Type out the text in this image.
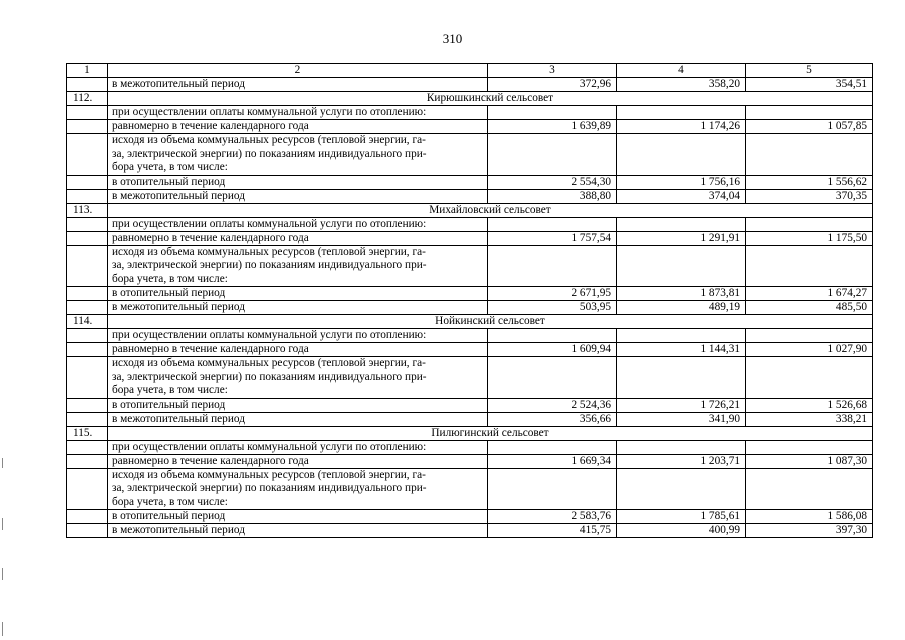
310
1	2	3	4	5
	в межотопительный период	372,96	358,20	354,51
112.	Кирюшкинский сельсовет			
	при осуществлении оплаты коммунальной услуги по отоплению:			
	равномерно в течение календарного года	1 639,89	1 174,26	1 057,85
	исходя из объема коммунальных ресурсов (тепловой энергии, га-
за, электрической энергии) по показаниям индивидуального при-
бора учета, в том числе:			
	в отопительный период	2 554,30	1 756,16	1 556,62
	в межотопительный период	388,80	374,04	370,35
113.	Михайловский сельсовет			
	при осуществлении оплаты коммунальной услуги по отоплению:			
	равномерно в течение календарного года	1 757,54	1 291,91	1 175,50
	исходя из объема коммунальных ресурсов (тепловой энергии, га-
за, электрической энергии) по показаниям индивидуального при-
бора учета, в том числе:			
	в отопительный период	2 671,95	1 873,81	1 674,27
	в межотопительный период	503,95	489,19	485,50
114.	Нойкинский сельсовет			
	при осуществлении оплаты коммунальной услуги по отоплению:			
	равномерно в течение календарного года	1 609,94	1 144,31	1 027,90
	исходя из объема коммунальных ресурсов (тепловой энергии, га-
за, электрической энергии) по показаниям индивидуального при-
бора учета, в том числе:			
	в отопительный период	2 524,36	1 726,21	1 526,68
	в межотопительный период	356,66	341,90	338,21
115.	Пилюгинский сельсовет			
	при осуществлении оплаты коммунальной услуги по отоплению:			
	равномерно в течение календарного года	1 669,34	1 203,71	1 087,30
	исходя из объема коммунальных ресурсов (тепловой энергии, га-
за, электрической энергии) по показаниям индивидуального при-
бора учета, в том числе:			
	в отопительный период	2 583,76	1 785,61	1 586,08
	в межотопительный период	415,75	400,99	397,30
